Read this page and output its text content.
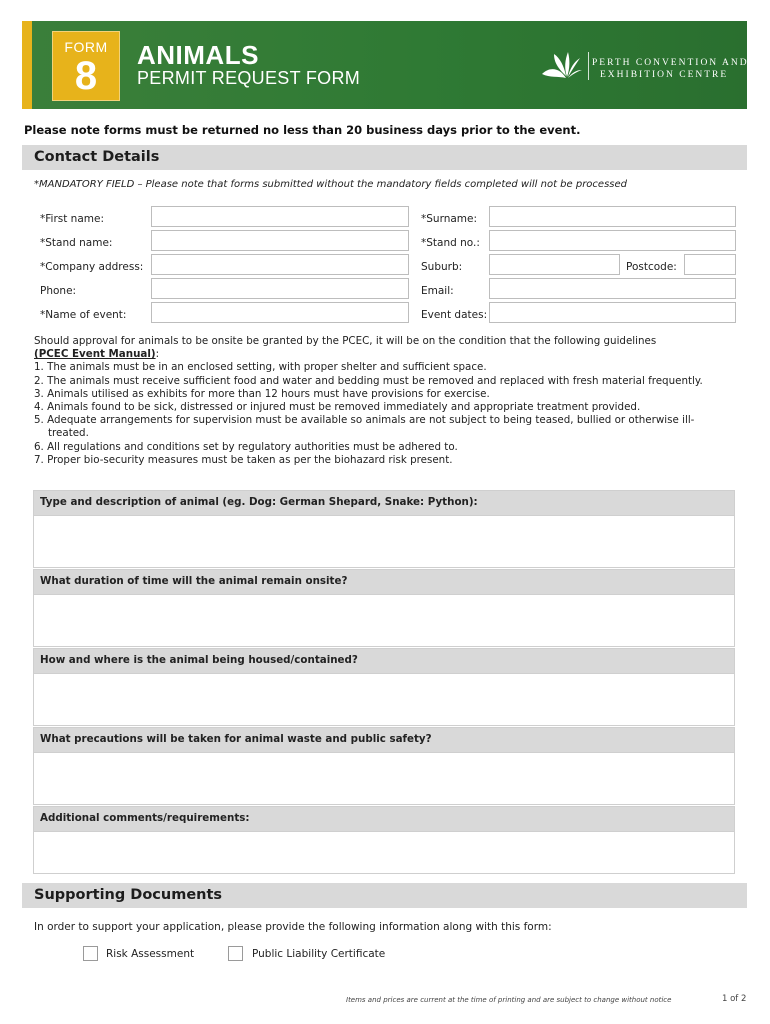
FORM
8	ANIMALS
PERMIT REQUEST FORM
PERTH CONVENTION AND
EXHIBITION CENTRE
Please note forms must be returned no less than 20 business days prior to the event.
Contact Details
*MANDATORY FIELD – Please note that forms submitted without the mandatory fields completed will not be processed
*First name:	*Surname:
*Stand name:	*Stand no.:
*Company address:	Suburb:	Postcode:
Phone:	Email:
*Name of event:	Event dates:
Should approval for animals to be onsite be granted by the PCEC, it will be on the condition that the following guidelines
(PCEC Event Manual):
1. The animals must be in an enclosed setting, with proper shelter and sufficient space.
2. The animals must receive sufficient food and water and bedding must be removed and replaced with fresh material frequently.
3. Animals utilised as exhibits for more than 12 hours must have provisions for exercise.
4. Animals found to be sick, distressed or injured must be removed immediately and appropriate treatment provided.
5. Adequate arrangements for supervision must be available so animals are not subject to being teased, bullied or otherwise ill-treated.
6. All regulations and conditions set by regulatory authorities must be adhered to.
7. Proper bio-security measures must be taken as per the biohazard risk present.
Type and description of animal (eg. Dog: German Shepard, Snake: Python):
What duration of time will the animal remain onsite?
How and where is the animal being housed/contained?
What precautions will be taken for animal waste and public safety?
Additional comments/requirements:
Supporting Documents
In order to support your application, please provide the following information along with this form:
Risk Assessment	Public Liability Certificate
Items and prices are current at the time of printing and are subject to change without notice	1 of 2
